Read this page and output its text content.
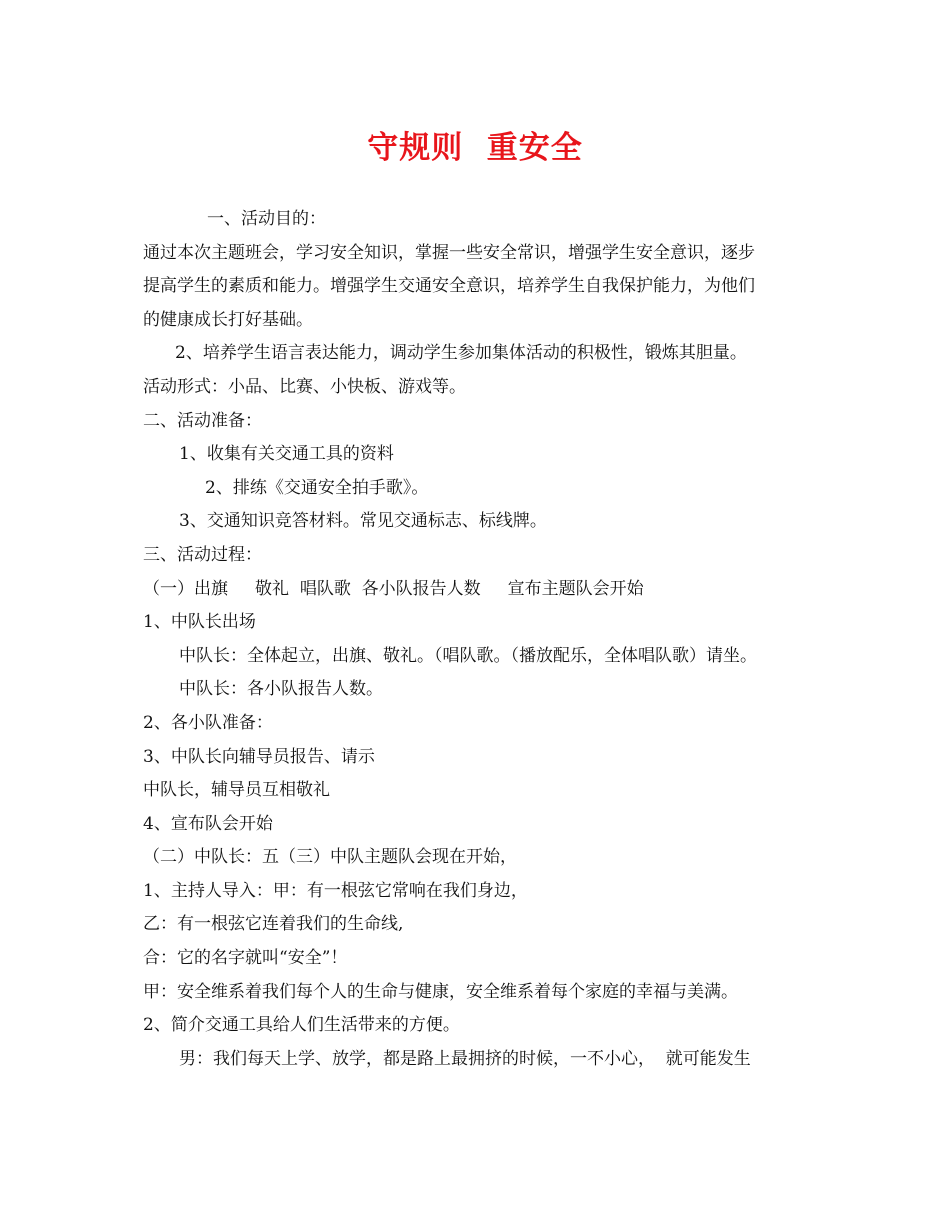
守规则  重安全

一、活动目的：

通过本次主题班会，学习安全知识，掌握一些安全常识，增强学生安全意识，逐步

提高学生的素质和能力。增强学生交通安全意识，培养学生自我保护能力，为他们

的健康成长打好基础。

2、培养学生语言表达能力，调动学生参加集体活动的积极性，锻炼其胆量。

活动形式：小品、比赛、小快板、游戏等。

二、活动准备：

1、收集有关交通工具的资料

2、排练《交通安全拍手歌》。

3、交通知识竞答材料。常见交通标志、标线牌。

三、活动过程：

（一）出旗     敬礼  唱队歌  各小队报告人数     宣布主题队会开始

1、中队长出场

中队长：全体起立，出旗、敬礼。（唱队歌。（播放配乐，全体唱队歌）请坐。

中队长：各小队报告人数。

2、各小队准备：

3、中队长向辅导员报告、请示

中队长，辅导员互相敬礼

4、宣布队会开始

（二）中队长：五（三）中队主题队会现在开始，

1、主持人导入：甲：有一根弦它常响在我们身边，

乙：有一根弦它连着我们的生命线,

合：它的名字就叫“安全”！

甲：安全维系着我们每个人的生命与健康，安全维系着每个家庭的幸福与美满。

2、简介交通工具给人们生活带来的方便。

男：我们每天上学、放学，都是路上最拥挤的时候，一不小心，  就可能发生
